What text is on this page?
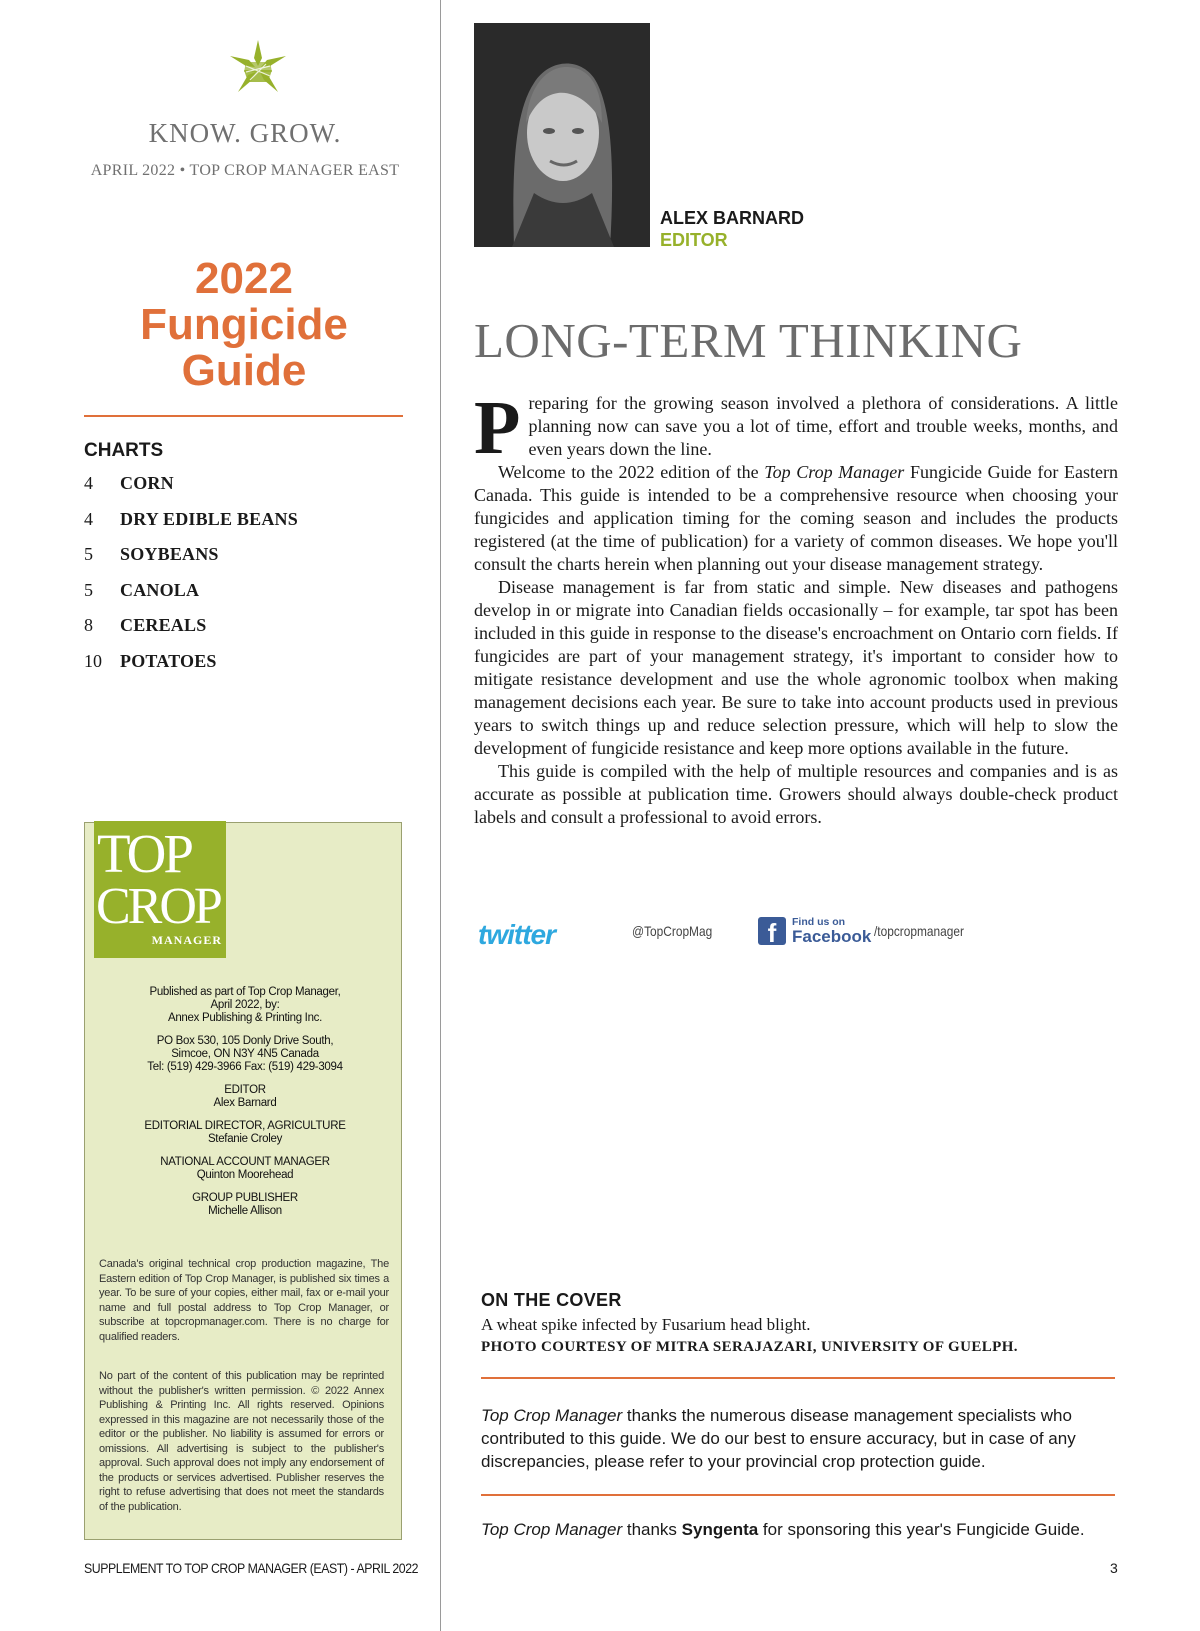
KNOW. GROW.
APRIL 2022 • TOP CROP MANAGER EAST
2022
Fungicide
Guide
CHARTS
4	CORN
4	DRY EDIBLE BEANS
5	SOYBEANS
5	CANOLA
8	CEREALS
10	POTATOES
TOP
CROP
MANAGER
Published as part of Top Crop Manager,
April 2022, by:
Annex Publishing & Printing Inc.
PO Box 530, 105 Donly Drive South,
Simcoe, ON N3Y 4N5 Canada
Tel: (519) 429-3966 Fax: (519) 429-3094
EDITOR
Alex Barnard
EDITORIAL DIRECTOR, AGRICULTURE
Stefanie Croley
NATIONAL ACCOUNT MANAGER
Quinton Moorehead
GROUP PUBLISHER
Michelle Allison
Canada's original technical crop production magazine, The Eastern edition of Top Crop Manager, is published six times a year. To be sure of your copies, either mail, fax or e-mail your name and full postal address to Top Crop Manager, or subscribe at topcropmanager.com. There is no charge for qualified readers.
No part of the content of this publication may be reprinted without the publisher's written permission. © 2022 Annex Publishing & Printing Inc. All rights reserved. Opinions expressed in this magazine are not necessarily those of the editor or the publisher. No liability is assumed for errors or omissions. All advertising is subject to the publisher's approval. Such approval does not imply any endorsement of the products or services advertised. Publisher reserves the right to refuse advertising that does not meet the standards of the publication.
SUPPLEMENT TO TOP CROP MANAGER (EAST) - APRIL 2022	3
ALEX BARNARD
EDITOR
LONG-TERM THINKING

Preparing for the growing season involved a plethora of considerations. A little planning now can save you a lot of time, effort and trouble weeks, months, and even years down the line.

Welcome to the 2022 edition of the Top Crop Manager Fungicide Guide for Eastern Canada. This guide is intended to be a comprehensive resource when choosing your fungicides and application timing for the coming season and includes the products registered (at the time of publication) for a variety of common diseases. We hope you'll consult the charts herein when planning out your disease management strategy.

Disease management is far from static and simple. New diseases and pathogens develop in or migrate into Canadian fields occasionally – for example, tar spot has been included in this guide in response to the disease's encroachment on Ontario corn fields. If fungicides are part of your management strategy, it's important to consider how to mitigate resistance development and use the whole agronomic toolbox when making management decisions each year. Be sure to take into account products used in previous years to switch things up and reduce selection pressure, which will help to slow the development of fungicide resistance and keep more options available in the future.

This guide is compiled with the help of multiple resources and companies and is as accurate as possible at publication time. Growers should always double-check product labels and consult a professional to avoid errors.

twitter	@TopCropMag	f	Find us on
Facebook /topcropmanager
ON THE COVER
A wheat spike infected by Fusarium head blight.
PHOTO COURTESY OF MITRA SERAJAZARI, UNIVERSITY OF GUELPH.
Top Crop Manager thanks the numerous disease management specialists who contributed to this guide. We do our best to ensure accuracy, but in case of any discrepancies, please refer to your provincial crop protection guide.
Top Crop Manager thanks Syngenta for sponsoring this year's Fungicide Guide.
